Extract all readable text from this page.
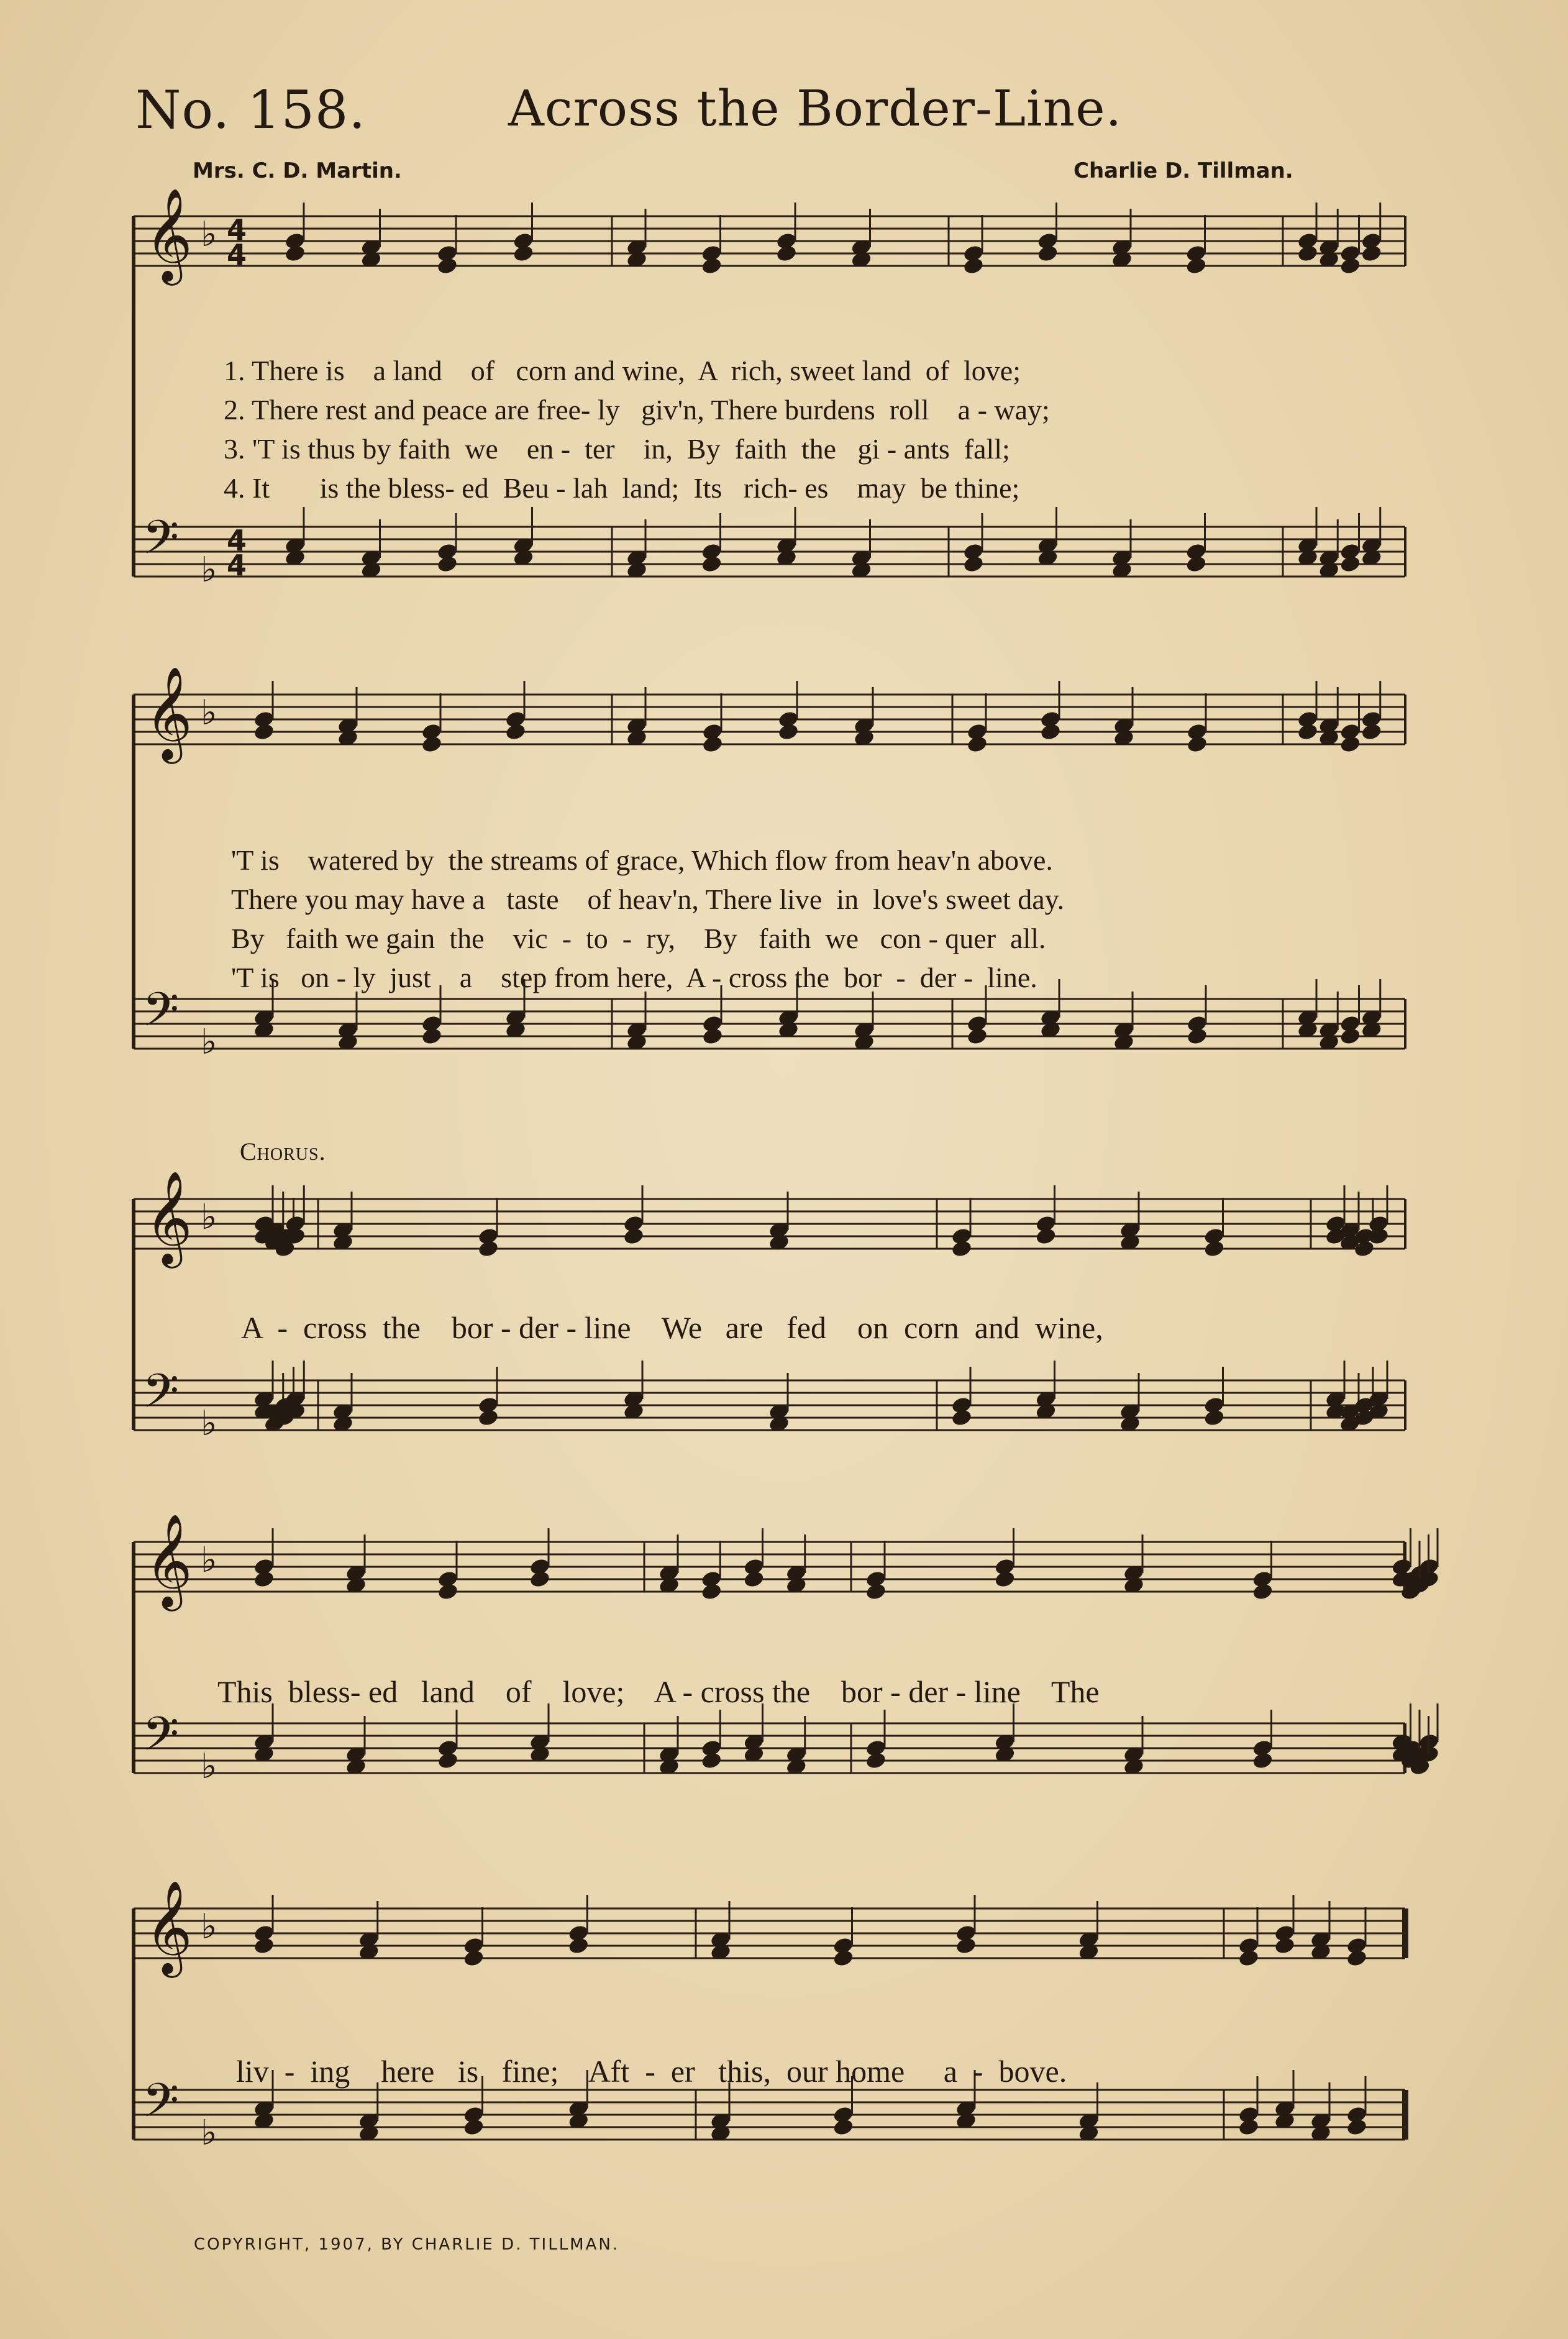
No. 158.	Across the Border-Line.
Mrs. C. D. Martin.	Charlie D. Tillman.
𝄞
𝄢
♭
♭
4
4
4
4
1. There is    a land    of   corn and wine,  A  rich, sweet land  of  love;
2. There rest and peace are free- ly   giv'n, There burdens  roll    a - way;
3. 'T is thus by faith  we    en -  ter    in,  By  faith  the   gi - ants  fall;
4. It       is the bless- ed  Beu - lah  land;  Its   rich- es    may  be thine;
𝄞
𝄢
♭
♭
'T is    watered by  the streams of grace, Which flow from heav'n above.
There you may have a   taste    of heav'n, There live  in  love's sweet day.
By   faith we gain  the    vic  -  to  -  ry,    By   faith  we   con - quer  all.
'T is   on - ly  just    a    step from here,  A - cross the  bor  -  der -  line.
Chorus.
𝄞
𝄢
♭
♭
A  -  cross  the    bor - der - line    We   are   fed    on  corn  and  wine,
𝄞
𝄢
♭
♭
This  bless- ed   land    of    love;    A - cross the    bor - der - line    The
𝄞
𝄢
♭
♭
liv  -  ing    here   is   fine;    Aft  -  er   this,  our home     a  -  bove.
COPYRIGHT, 1907, BY CHARLIE D. TILLMAN.
